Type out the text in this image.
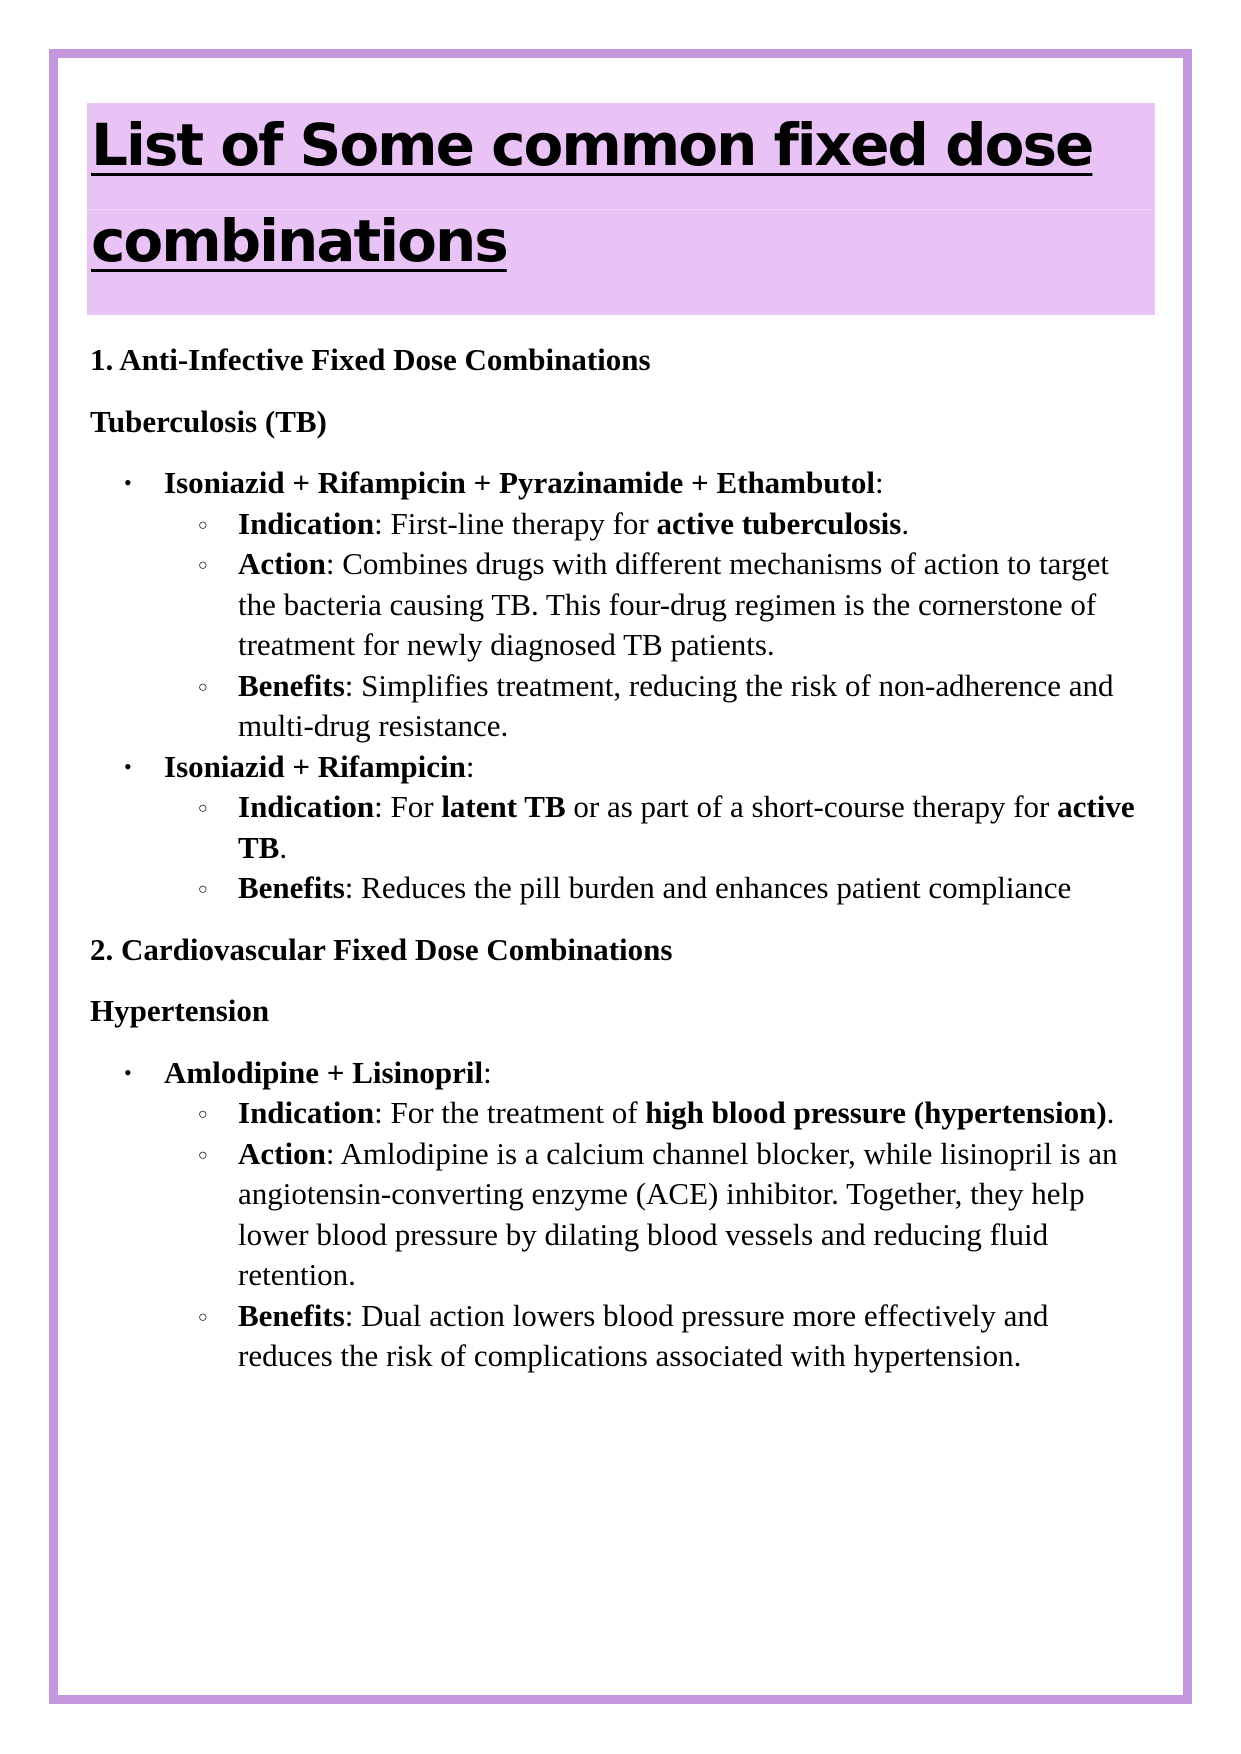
List of Some common fixed dose
combinations

1. Anti-Infective Fixed Dose Combinations

Tuberculosis (TB)

• Isoniazid + Rifampicin + Pyrazinamide + Ethambutol:
○ Indication: First-line therapy for active tuberculosis.
○ Action: Combines drugs with different mechanisms of action to target the bacteria causing TB. This four-drug regimen is the cornerstone of treatment for newly diagnosed TB patients.
○ Benefits: Simplifies treatment, reducing the risk of non-adherence and multi-drug resistance.
• Isoniazid + Rifampicin:
○ Indication: For latent TB or as part of a short-course therapy for active TB.
○ Benefits: Reduces the pill burden and enhances patient compliance

2. Cardiovascular Fixed Dose Combinations

Hypertension

• Amlodipine + Lisinopril:
○ Indication: For the treatment of high blood pressure (hypertension).
○ Action: Amlodipine is a calcium channel blocker, while lisinopril is an angiotensin-converting enzyme (ACE) inhibitor. Together, they help lower blood pressure by dilating blood vessels and reducing fluid retention.
○ Benefits: Dual action lowers blood pressure more effectively and reduces the risk of complications associated with hypertension.
